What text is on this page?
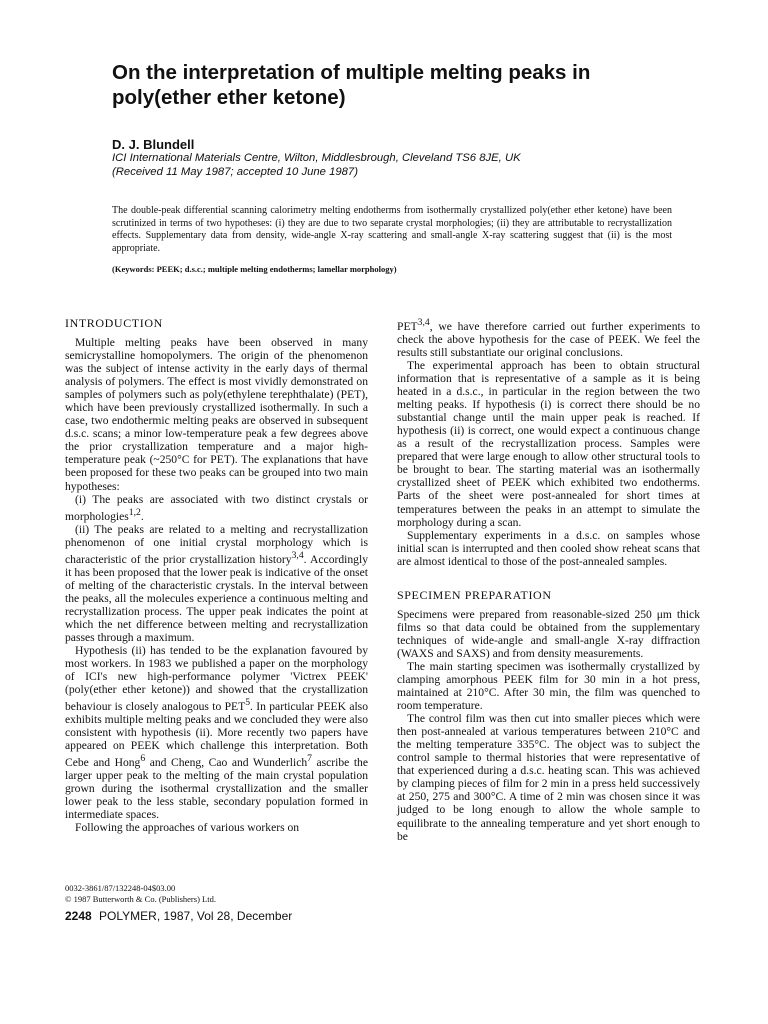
On the interpretation of multiple melting peaks in poly(ether ether ketone)

D. J. Blundell

ICI International Materials Centre, Wilton, Middlesbrough, Cleveland TS6 8JE, UK
(Received 11 May 1987; accepted 10 June 1987)

The double-peak differential scanning calorimetry melting endotherms from isothermally crystallized poly(ether ether ketone) have been scrutinized in terms of two hypotheses: (i) they are due to two separate crystal morphologies; (ii) they are attributable to recrystallization effects. Supplementary data from density, wide-angle X-ray scattering and small-angle X-ray scattering suggest that (ii) is the most appropriate.

(Keywords: PEEK; d.s.c.; multiple melting endotherms; lamellar morphology)

INTRODUCTION

Multiple melting peaks have been observed in many semicrystalline homopolymers. The origin of the phenomenon was the subject of intense activity in the early days of thermal analysis of polymers. The effect is most vividly demonstrated on samples of polymers such as poly(ethylene terephthalate) (PET), which have been previously crystallized isothermally. In such a case, two endothermic melting peaks are observed in subsequent d.s.c. scans; a minor low-temperature peak a few degrees above the prior crystallization temperature and a major high-temperature peak (~250°C for PET). The explanations that have been proposed for these two peaks can be grouped into two main hypotheses:

(i) The peaks are associated with two distinct crystals or morphologies$^{1,2}$.

(ii) The peaks are related to a melting and recrystallization phenomenon of one initial crystal morphology which is characteristic of the prior crystallization history$^{3,4}$. Accordingly it has been proposed that the lower peak is indicative of the onset of melting of the characteristic crystals. In the interval between the peaks, all the molecules experience a continuous melting and recrystallization process. The upper peak indicates the point at which the net difference between melting and recrystallization passes through a maximum.

Hypothesis (ii) has tended to be the explanation favoured by most workers. In 1983 we published a paper on the morphology of ICI's new high-performance polymer 'Victrex PEEK' (poly(ether ether ketone)) and showed that the crystallization behaviour is closely analogous to PET$^5$. In particular PEEK also exhibits multiple melting peaks and we concluded they were also consistent with hypothesis (ii). More recently two papers have appeared on PEEK which challenge this interpretation. Both Cebe and Hong$^6$ and Cheng, Cao and Wunderlich$^7$ ascribe the larger upper peak to the melting of the main crystal population grown during the isothermal crystallization and the smaller lower peak to the less stable, secondary population formed in intermediate spaces.

Following the approaches of various workers on

PET$^{3,4}$, we have therefore carried out further experiments to check the above hypothesis for the case of PEEK. We feel the results still substantiate our original conclusions.

The experimental approach has been to obtain structural information that is representative of a sample as it is being heated in a d.s.c., in particular in the region between the two melting peaks. If hypothesis (i) is correct there should be no substantial change until the main upper peak is reached. If hypothesis (ii) is correct, one would expect a continuous change as a result of the recrystallization process. Samples were prepared that were large enough to allow other structural tools to be brought to bear. The starting material was an isothermally crystallized sheet of PEEK which exhibited two endotherms. Parts of the sheet were post-annealed for short times at temperatures between the peaks in an attempt to simulate the morphology during a scan.

Supplementary experiments in a d.s.c. on samples whose initial scan is interrupted and then cooled show reheat scans that are almost identical to those of the post-annealed samples.

SPECIMEN PREPARATION

Specimens were prepared from reasonable-sized 250 μm thick films so that data could be obtained from the supplementary techniques of wide-angle and small-angle X-ray diffraction (WAXS and SAXS) and from density measurements.

The main starting specimen was isothermally crystallized by clamping amorphous PEEK film for 30 min in a hot press, maintained at 210°C. After 30 min, the film was quenched to room temperature.

The control film was then cut into smaller pieces which were then post-annealed at various temperatures between 210°C and the melting temperature 335°C. The object was to subject the control sample to thermal histories that were representative of that experienced during a d.s.c. heating scan. This was achieved by clamping pieces of film for 2 min in a press held successively at 250, 275 and 300°C. A time of 2 min was chosen since it was judged to be long enough to allow the whole sample to equilibrate to the annealing temperature and yet short enough to be

0032-3861/87/132248-04$03.00
© 1987 Butterworth & Co. (Publishers) Ltd.
2248 POLYMER, 1987, Vol 28, December
